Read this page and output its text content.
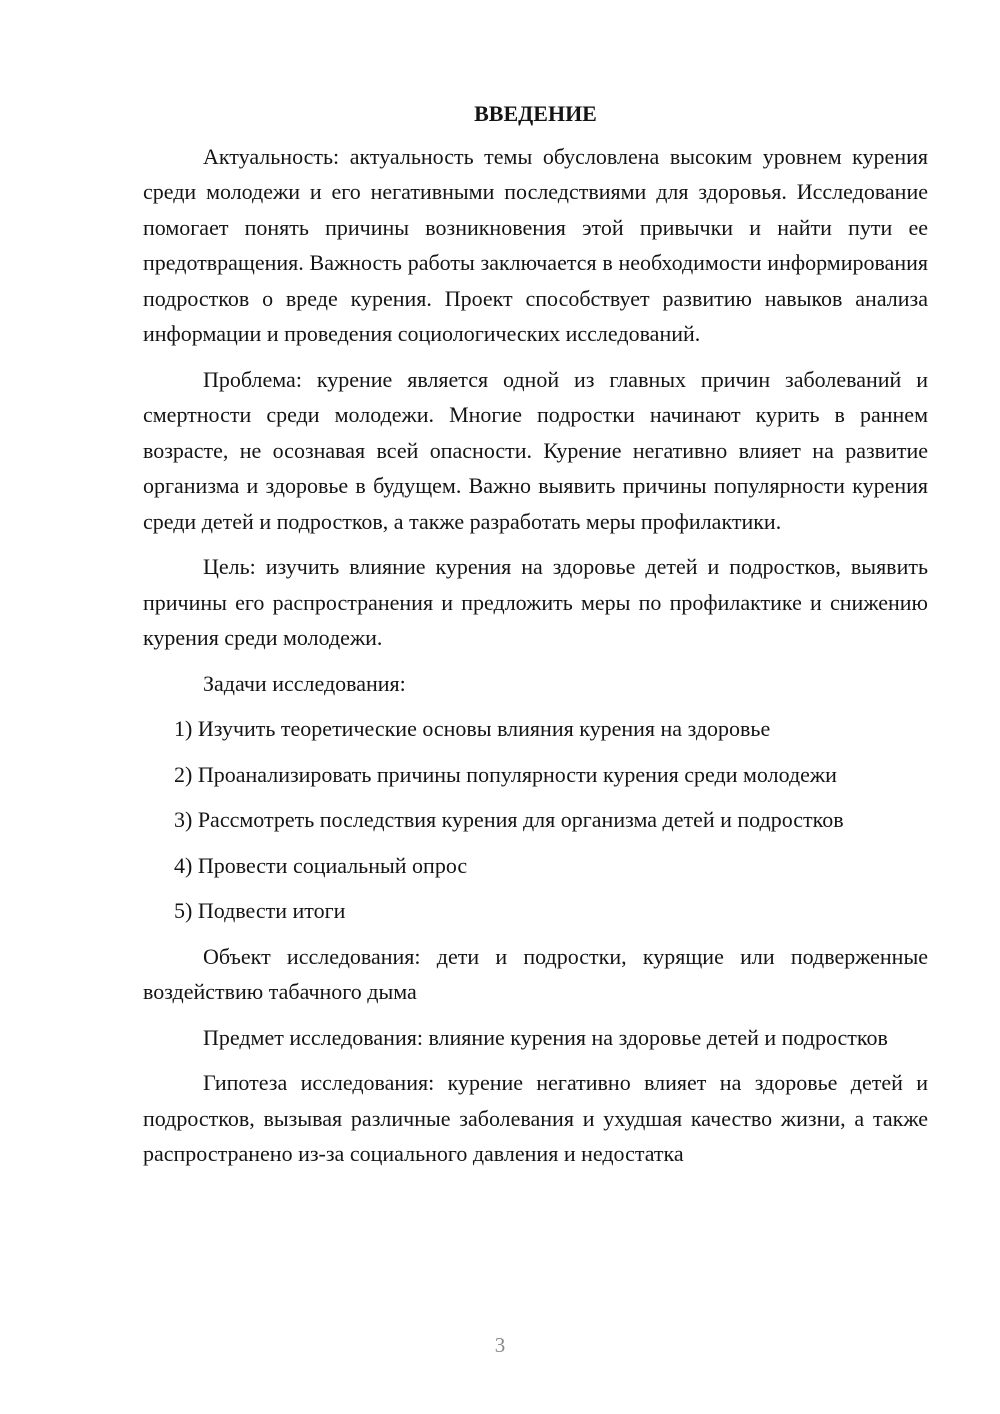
ВВЕДЕНИЕ

Актуальность: актуальность темы обусловлена высоким уровнем курения среди молодежи и его негативными последствиями для здоровья. Исследование помогает понять причины возникновения этой привычки и найти пути ее предотвращения. Важность работы заключается в необходимости информирования подростков о вреде курения. Проект способствует развитию навыков анализа информации и проведения социологических исследований.

Проблема: курение является одной из главных причин заболеваний и смертности среди молодежи. Многие подростки начинают курить в раннем возрасте, не осознавая всей опасности. Курение негативно влияет на развитие организма и здоровье в будущем. Важно выявить причины популярности курения среди детей и подростков, а также разработать меры профилактики.

Цель: изучить влияние курения на здоровье детей и подростков, выявить причины его распространения и предложить меры по профилактике и снижению курения среди молодежи.

Задачи исследования:

1) Изучить теоретические основы влияния курения на здоровье

2) Проанализировать причины популярности курения среди молодежи

3) Рассмотреть последствия курения для организма детей и подростков

4) Провести социальный опрос

5) Подвести итоги

Объект исследования: дети и подростки, курящие или подверженные воздействию табачного дыма

Предмет исследования: влияние курения на здоровье детей и подростков

Гипотеза исследования: курение негативно влияет на здоровье детей и подростков, вызывая различные заболевания и ухудшая качество жизни, а также распространено из-за социального давления и недостатка

3
